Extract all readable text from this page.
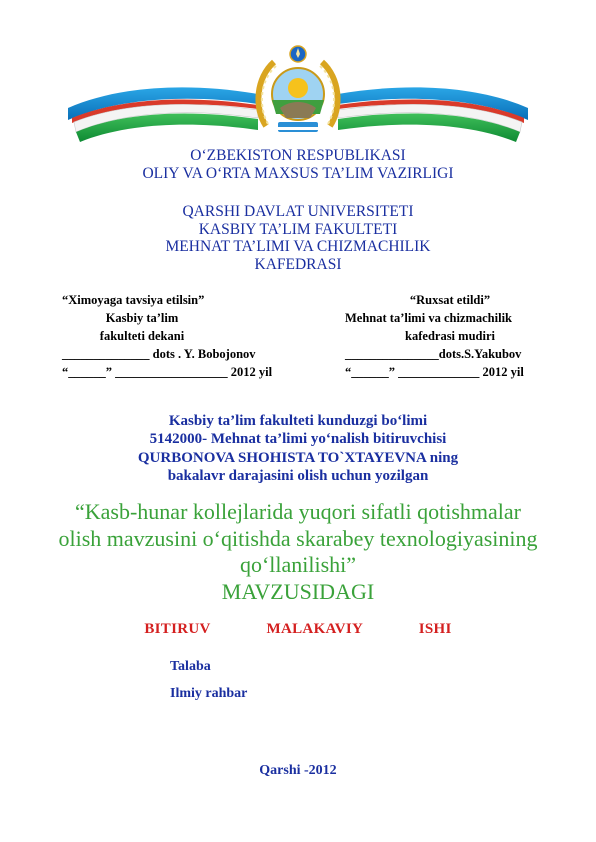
O‘ZBEKISTON RESPUBLIKASI
OLIY VA O‘RTA MAXSUS TA’LIM VAZIRLIGI
QARSHI DAVLAT UNIVERSITETI
KASBIY TA’LIM FAKULTETI
MEHNAT TA’LIMI VA CHIZMACHILIK
KAFEDRASI
“Ximoyaga tavsiya etilsin”
Kasbiy ta’lim
fakulteti dekani
______________ dots . Y. Bobojonov
“______” __________________ 2012 yil
“Ruxsat etildi”
Mehnat ta’limi va chizmachilik
kafedrasi mudiri
_______________dots.S.Yakubov
“______” _____________ 2012 yil
Kasbiy ta’lim fakulteti kunduzgi bo‘limi
5142000- Mehnat ta’limi yo‘nalish bitiruvchisi
QURBONOVA SHOHISTA TO`XTAYEVNA ning
bakalavr darajasini olish uchun yozilgan
“Kasb-hunar kollejlarida yuqori sifatli qotishmalar
olish mavzusini o‘qitishda skarabey texnologiyasining
qo‘llanilishi”
MAVZUSIDAGI
BITIRUV    MALAKAVIY    ISHI
Talaba
Ilmiy rahbar
Qarshi -2012
